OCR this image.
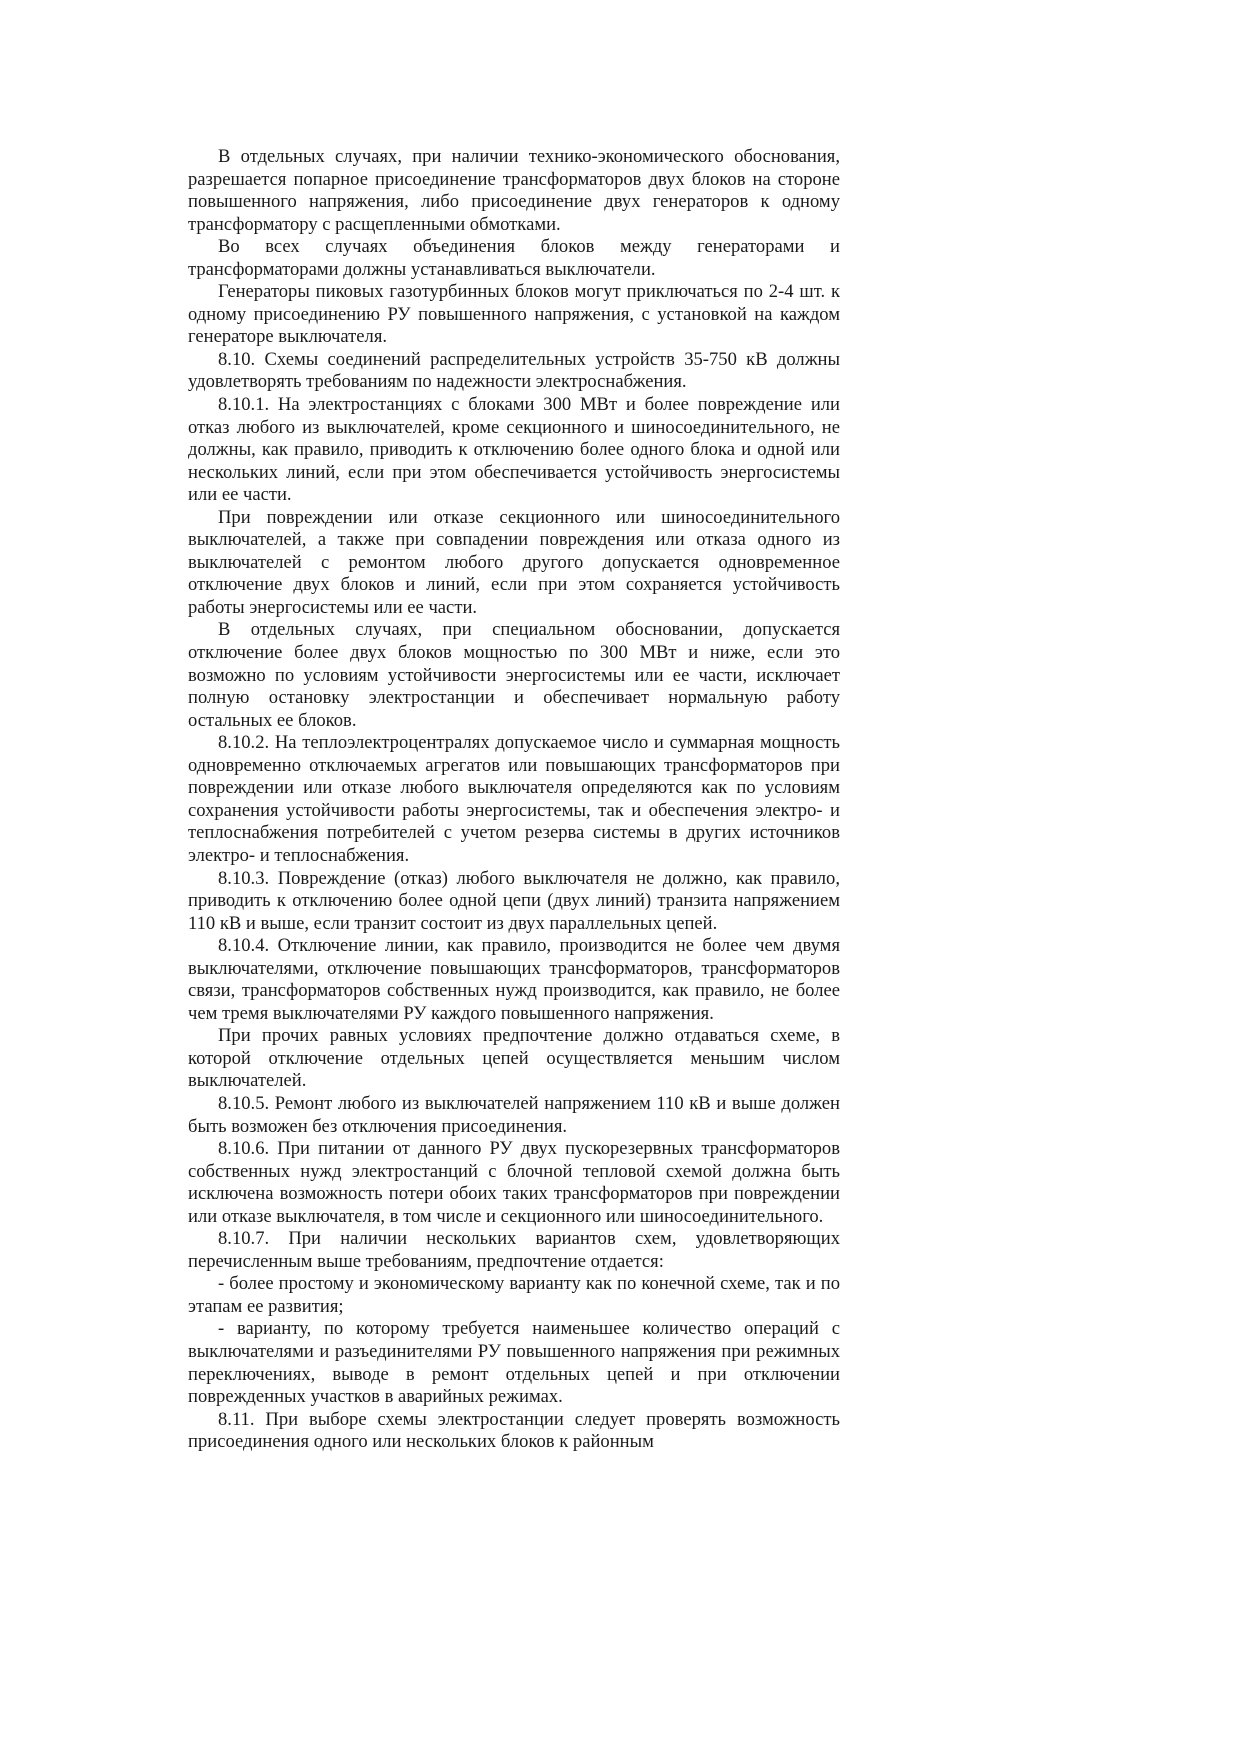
В отдельных случаях, при наличии технико-экономического обоснования, разрешается попарное присоединение трансформаторов двух блоков на стороне повышенного напряжения, либо присоединение двух генераторов к одному трансформатору с расщепленными обмотками.

Во всех случаях объединения блоков между генераторами и трансформаторами должны устанавливаться выключатели.

Генераторы пиковых газотурбинных блоков могут приключаться по 2-4 шт. к одному присоединению РУ повышенного напряжения, с установкой на каждом генераторе выключателя.

8.10. Схемы соединений распределительных устройств 35-750 кВ должны удовлетворять требованиям по надежности электроснабжения.

8.10.1. На электростанциях с блоками 300 МВт и более повреждение или отказ любого из выключателей, кроме секционного и шиносоединительного, не должны, как правило, приводить к отключению более одного блока и одной или нескольких линий, если при этом обеспечивается устойчивость энергосистемы или ее части.

При повреждении или отказе секционного или шиносоединительного выключателей, а также при совпадении повреждения или отказа одного из выключателей с ремонтом любого другого допускается одновременное отключение двух блоков и линий, если при этом сохраняется устойчивость работы энергосистемы или ее части.

В отдельных случаях, при специальном обосновании, допускается отключение более двух блоков мощностью по 300 МВт и ниже, если это возможно по условиям устойчивости энергосистемы или ее части, исключает полную остановку электростанции и обеспечивает нормальную работу остальных ее блоков.

8.10.2. На теплоэлектроцентралях допускаемое число и суммарная мощность одновременно отключаемых агрегатов или повышающих трансформаторов при повреждении или отказе любого выключателя определяются как по условиям сохранения устойчивости работы энергосистемы, так и обеспечения электро- и теплоснабжения потребителей с учетом резерва системы в других источников электро- и теплоснабжения.

8.10.3. Повреждение (отказ) любого выключателя не должно, как правило, приводить к отключению более одной цепи (двух линий) транзита напряжением 110 кВ и выше, если транзит состоит из двух параллельных цепей.

8.10.4. Отключение линии, как правило, производится не более чем двумя выключателями, отключение повышающих трансформаторов, трансформаторов связи, трансформаторов собственных нужд производится, как правило, не более чем тремя выключателями РУ каждого повышенного напряжения.

При прочих равных условиях предпочтение должно отдаваться схеме, в которой отключение отдельных цепей осуществляется меньшим числом выключателей.

8.10.5. Ремонт любого из выключателей напряжением 110 кВ и выше должен быть возможен без отключения присоединения.

8.10.6. При питании от данного РУ двух пускорезервных трансформаторов собственных нужд электростанций с блочной тепловой схемой должна быть исключена возможность потери обоих таких трансформаторов при повреждении или отказе выключателя, в том числе и секционного или шиносоединительного.

8.10.7. При наличии нескольких вариантов схем, удовлетворяющих перечисленным выше требованиям, предпочтение отдается:

- более простому и экономическому варианту как по конечной схеме, так и по этапам ее развития;

- варианту, по которому требуется наименьшее количество операций с выключателями и разъединителями РУ повышенного напряжения при режимных переключениях, выводе в ремонт отдельных цепей и при отключении поврежденных участков в аварийных режимах.

8.11. При выборе схемы электростанции следует проверять возможность присоединения одного или нескольких блоков к районным
